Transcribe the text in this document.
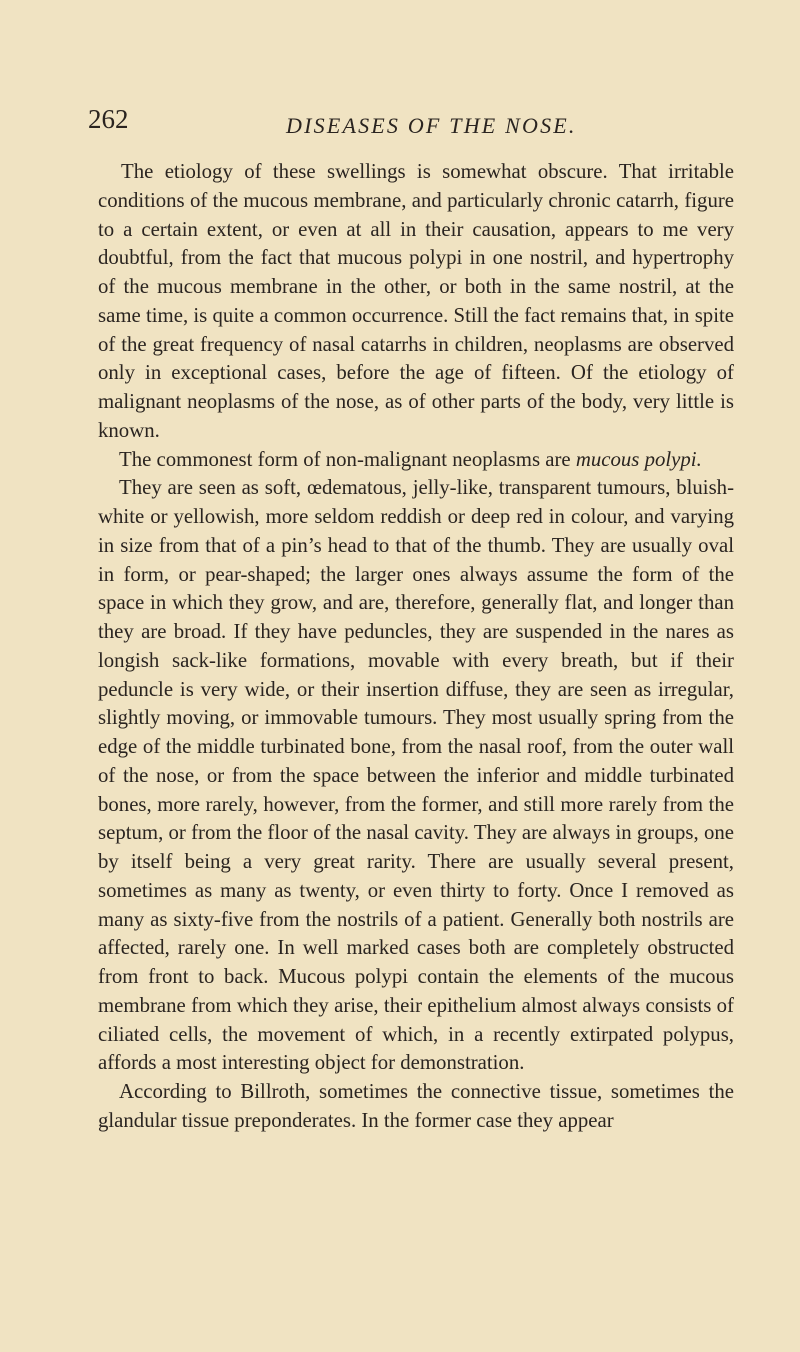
262	DISEASES OF THE NOSE.

The etiology of these swellings is somewhat obscure. That irritable conditions of the mucous membrane, and particularly chronic catarrh, figure to a certain extent, or even at all in their causation, appears to me very doubtful, from the fact that mucous polypi in one nostril, and hypertrophy of the mucous membrane in the other, or both in the same nostril, at the same time, is quite a common occurrence. Still the fact remains that, in spite of the great frequency of nasal catarrhs in children, neoplasms are observed only in exceptional cases, before the age of fifteen. Of the etiology of malignant neoplasms of the nose, as of other parts of the body, very little is known.

The commonest form of non-malignant neoplasms are mucous polypi.

They are seen as soft, œdematous, jelly-like, transparent tumours, bluish-white or yellowish, more seldom reddish or deep red in colour, and varying in size from that of a pin’s head to that of the thumb. They are usually oval in form, or pear-shaped; the larger ones always assume the form of the space in which they grow, and are, therefore, generally flat, and longer than they are broad. If they have peduncles, they are suspended in the nares as longish sack-like formations, movable with every breath, but if their peduncle is very wide, or their insertion diffuse, they are seen as irregular, slightly moving, or immovable tumours. They most usually spring from the edge of the middle turbinated bone, from the nasal roof, from the outer wall of the nose, or from the space between the inferior and middle turbinated bones, more rarely, however, from the former, and still more rarely from the septum, or from the floor of the nasal cavity. They are always in groups, one by itself being a very great rarity. There are usually several present, sometimes as many as twenty, or even thirty to forty. Once I removed as many as sixty-five from the nostrils of a patient. Generally both nostrils are affected, rarely one. In well marked cases both are completely obstructed from front to back. Mucous polypi contain the elements of the mucous membrane from which they arise, their epithelium almost always consists of ciliated cells, the movement of which, in a recently extirpated polypus, affords a most interesting object for demonstration.

According to Billroth, sometimes the connective tissue, sometimes the glandular tissue preponderates. In the former case they appear
